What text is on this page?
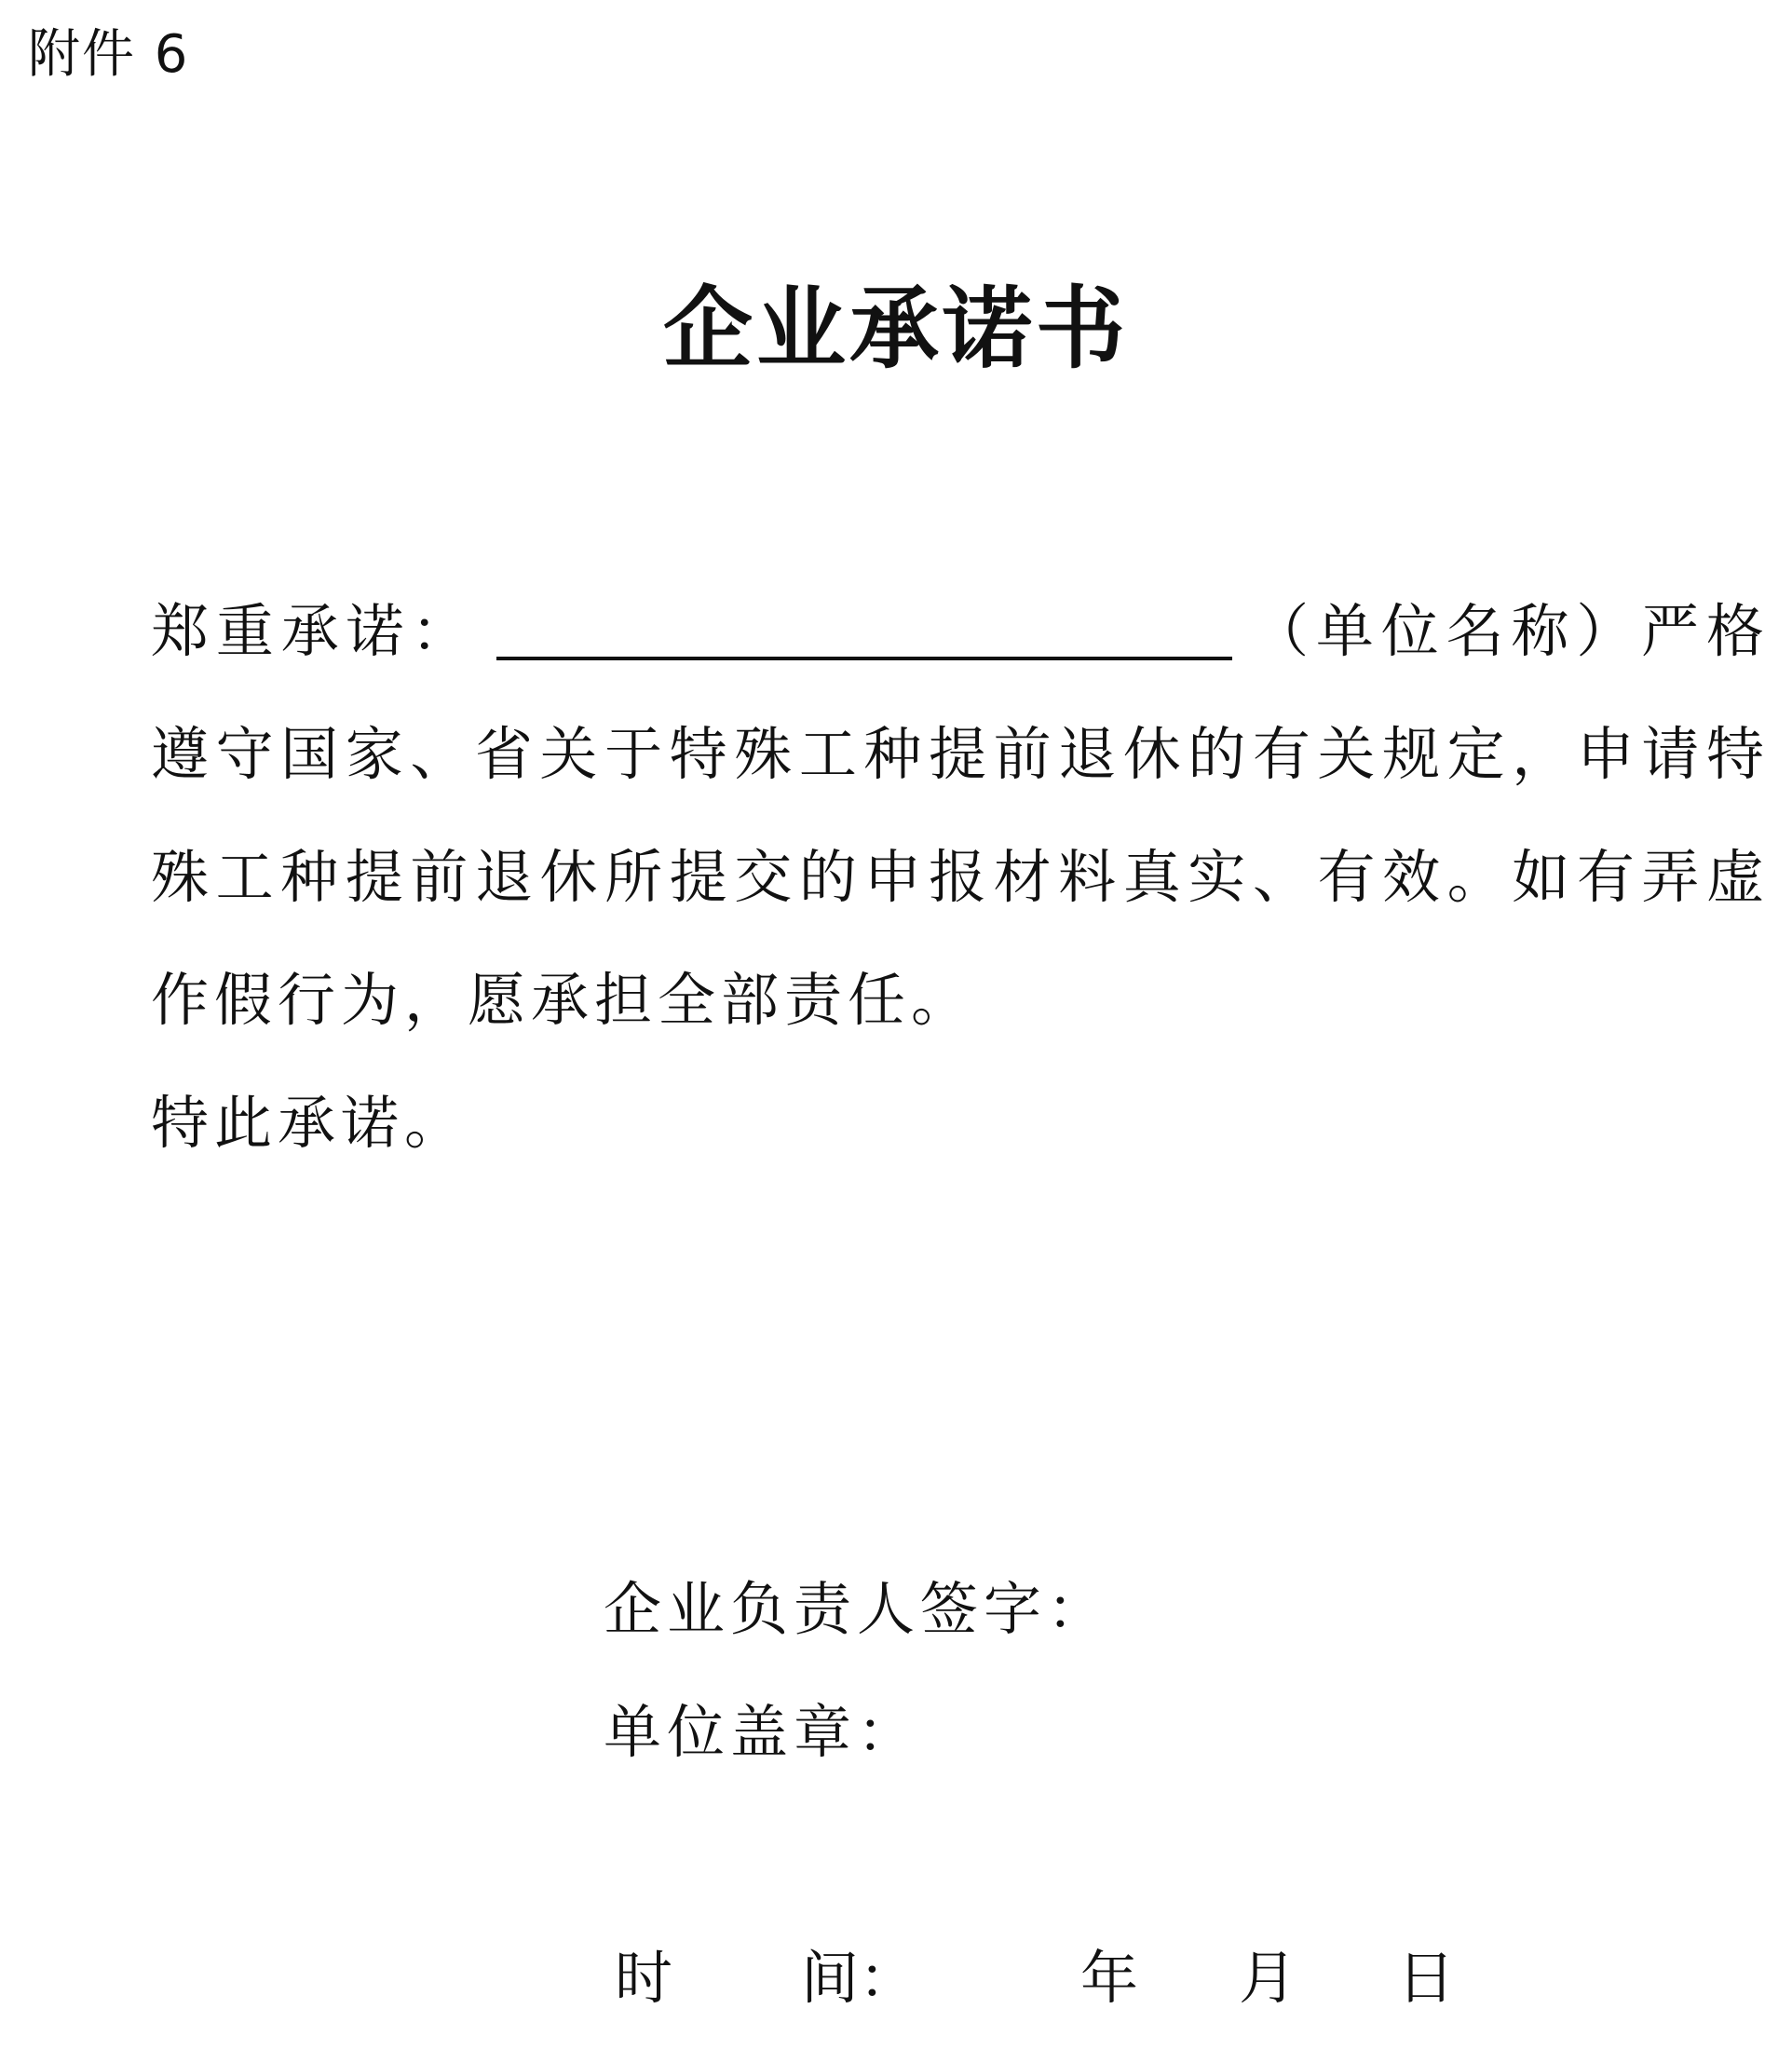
附件 6
企业承诺书

郑重承诺：	（单位名称）严格遵守国家、省关于特殊工种提前退休的有关规定，申请特殊工种提前退休所提交的申报材料真实、有效。如有弄虚作假行为，愿承担全部责任。

特此承诺。

企业负责人签字：
单位盖章：
时 间：	年 月 日
